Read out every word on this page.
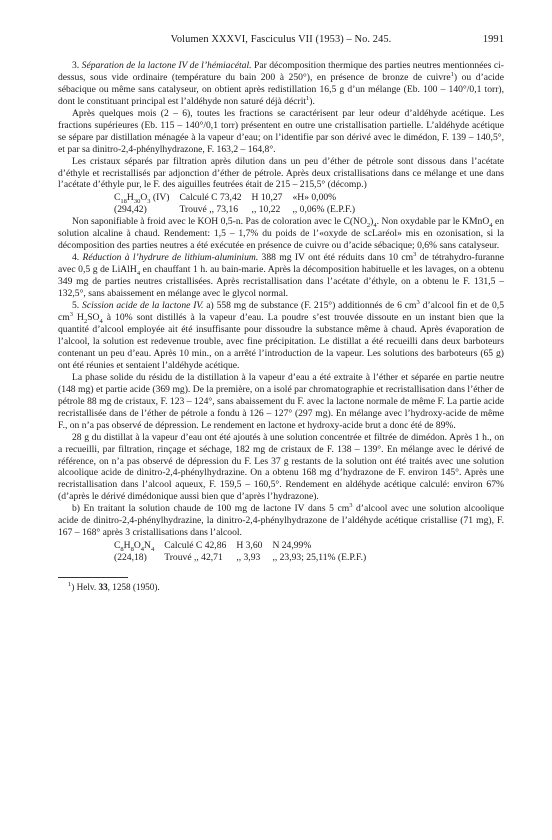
Volumen XXXVI, Fasciculus VII (1953) – No. 245.	1991

3. Séparation de la lactone IV de l’hémiacétal. Par décomposition thermique des parties neutres mentionnées ci-dessus, sous vide ordinaire (température du bain 200 à 250°), en présence de bronze de cuivre$^1$) ou d’acide sébacique ou même sans catalyseur, on obtient après redistillation 16,5 g d’un mélange (Eb. 100 – 140°/0,1 torr), dont le constituant principal est l’aldéhyde non saturé déjà décrit$^1$).

Après quelques mois (2 – 6), toutes les fractions se caractérisent par leur odeur d’aldéhyde acétique. Les fractions supérieures (Eb. 115 – 140°/0,1 torr) présentent en outre une cristallisation partielle. L’aldéhyde acétique se sépare par distillation ménagée à la vapeur d’eau; on l’identifie par son dérivé avec le dimédon, F. 139 – 140,5°, et par sa dinitro-2,4-phénylhydrazone, F. 163,2 – 164,8°.

Les cristaux séparés par filtration après dilution dans un peu d’éther de pétrole sont dissous dans l’acétate d’éthyle et recristallisés par adjonction d’éther de pétrole. Après deux cristallisations dans ce mélange et une dans l’acétate d’éthyle pur, le F. des aiguilles feutrées était de 215 – 215,5° (décomp.)

$C_{18}H_{30}O_3$ (IV)	Calculé C 73,42	H 10,27	«H» 0,00%
(294,42)	Trouvé ,, 73,16	,, 10,22	,, 0,06% (E.P.F.)

Non saponifiable à froid avec le KOH 0,5-n. Pas de coloration avec le $C(NO_2)_4$. Non oxydable par le KMnO$_4$ en solution alcaline à chaud. Rendement: 1,5 – 1,7% du poids de l’«oxyde de scLaréol» mis en ozonisation, si la décomposition des parties neutres a été exécutée en présence de cuivre ou d’acide sébacique; 0,6% sans catalyseur.

4. Réduction à l’hydrure de lithium-aluminium. 388 mg IV ont été réduits dans 10 $cm^3$ de tétrahydro-furanne avec 0,5 g de LiAlH$_4$ en chauffant 1 h. au bain-marie. Après la décomposition habituelle et les lavages, on a obtenu 349 mg de parties neutres cristallisées. Après recristallisation dans l’acétate d’éthyle, on a obtenu le F. 131,5 – 132,5°, sans abaissement en mélange avec le glycol normal.

5. Scission acide de la lactone IV. a) 558 mg de substance (F. 215°) additionnés de 6 $cm^3$ d’alcool fin et de 0,5 $cm^3$ $H_2SO_4$ à 10% sont distillés à la vapeur d’eau. La poudre s’est trouvée dissoute en un instant bien que la quantité d’alcool employée ait été insuffisante pour dissoudre la substance même à chaud. Après évaporation de l’alcool, la solution est redevenue trouble, avec fine précipitation. Le distillat a été recueilli dans deux barboteurs contenant un peu d’eau. Après 10 min., on a arrêté l’introduction de la vapeur. Les solutions des barboteurs (65 g) ont été réunies et sentaient l’aldéhyde acétique.

La phase solide du résidu de la distillation à la vapeur d’eau a été extraite à l’éther et séparée en partie neutre (148 mg) et partie acide (369 mg). De la première, on a isolé par chromatographie et recristallisation dans l’éther de pétrole 88 mg de cristaux, F. 123 – 124°, sans abaissement du F. avec la lactone normale de même F. La partie acide recristallisée dans de l’éther de pétrole a fondu à 126 – 127° (297 mg). En mélange avec l’hydroxy-acide de même F., on n’a pas observé de dépression. Le rendement en lactone et hydroxy-acide brut a donc été de 89%.

28 g du distillat à la vapeur d’eau ont été ajoutés à une solution concentrée et filtrée de dimédon. Après 1 h., on a recueilli, par filtration, rinçage et séchage, 182 mg de cristaux de F. 138 – 139°. En mélange avec le dérivé de référence, on n’a pas observé de dépression du F. Les 37 g restants de la solution ont été traités avec une solution alcoolique acide de dinitro-2,4-phénylhydrazine. On a obtenu 168 mg d’hydrazone de F. environ 145°. Après une recristallisation dans l’alcool aqueux, F. 159,5 – 160,5°. Rendement en aldéhyde acétique calculé: environ 67% (d’après le dérivé dimédonique aussi bien que d’après l’hydrazone).

b) En traitant la solution chaude de 100 mg de lactone IV dans 5 $cm^3$ d’alcool avec une solution alcoolique acide de dinitro-2,4-phénylhydrazine, la dinitro-2,4-phénylhydrazone de l’aldéhyde acétique cristallise (71 mg), F. 167 – 168° après 3 cristallisations dans l’alcool.

$C_8H_8O_4N_4$	Calculé C 42,86	H 3,60	N 24,99%
(224,18)	Trouvé ,, 42,71	,, 3,93	,, 23,93; 25,11% (E.P.F.)

$^1$) Helv. 33, 1258 (1950).
